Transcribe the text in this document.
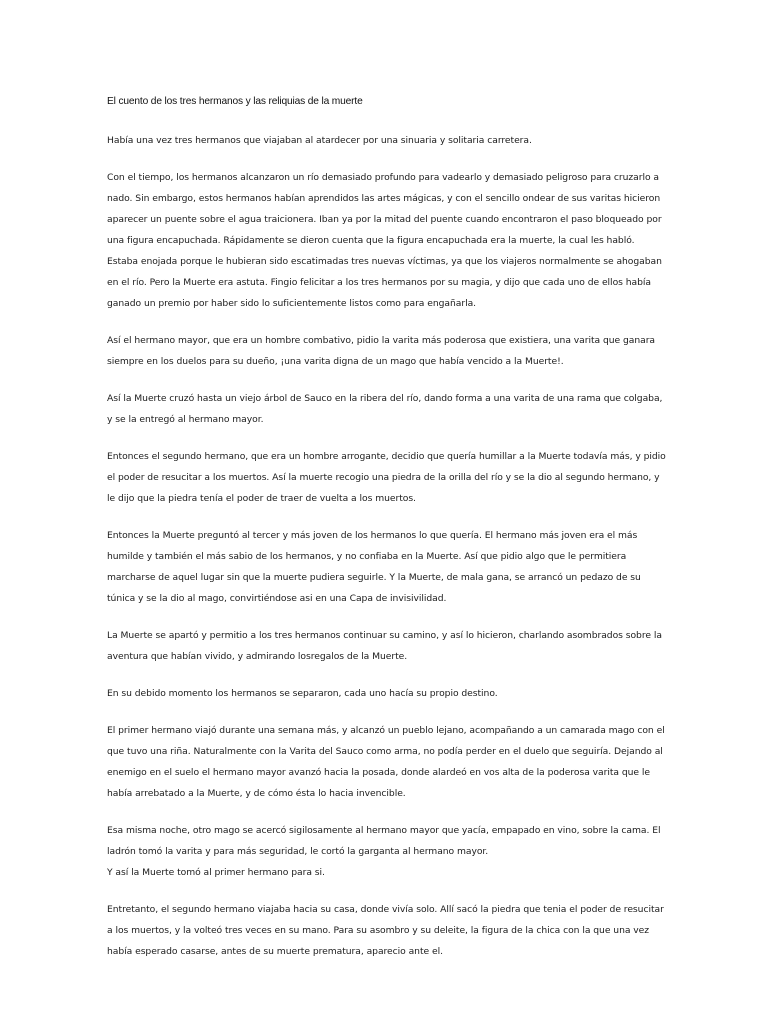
El cuento de los tres hermanos y las reliquias de la muerte

Había una vez tres hermanos que viajaban al atardecer por una sinuaria y solitaria carretera.

Con el tiempo, los hermanos alcanzaron un río demasiado profundo para vadearlo y demasiado peligroso para cruzarlo a nado. Sin embargo, estos hermanos habían aprendidos las artes mágicas, y con el sencillo ondear de sus varitas hicieron aparecer un puente sobre el agua traicionera. Iban ya por la mitad del puente cuando encontraron el paso bloqueado por una figura encapuchada. Rápidamente se dieron cuenta que la figura encapuchada era la muerte, la cual les habló. Estaba enojada porque le hubieran sido escatimadas tres nuevas víctimas, ya que los viajeros normalmente se ahogaban en el río. Pero la Muerte era astuta. Fingio felicitar a los tres hermanos por su magia, y dijo que cada uno de ellos había ganado un premio por haber sido lo suficientemente listos como para engañarla.

Así el hermano mayor, que era un hombre combativo, pidio la varita más poderosa que existiera, una varita que ganara siempre en los duelos para su dueño, ¡una varita digna de un mago que había vencido a la Muerte!.

Así la Muerte cruzó hasta un viejo árbol de Sauco en la ribera del río, dando forma a una varita de una rama que colgaba, y se la entregó al hermano mayor.

Entonces el segundo hermano, que era un hombre arrogante, decidio que quería humillar a la Muerte todavía más, y pidio el poder de resucitar a los muertos. Así la muerte recogio una piedra de la orilla del río y se la dio al segundo hermano, y le dijo que la piedra tenía el poder de traer de vuelta a los muertos.

Entonces la Muerte preguntó al tercer y más joven de los hermanos lo que quería. El hermano más joven era el más humilde y también el más sabio de los hermanos, y no confiaba en la Muerte. Así que pidio algo que le permitiera marcharse de aquel lugar sin que la muerte pudiera seguirle. Y la Muerte, de mala gana, se arrancó un pedazo de su túnica y se la dio al mago, convirtiéndose asi en una Capa de invisivilidad.

La Muerte se apartó y permitio a los tres hermanos continuar su camino, y así lo hicieron, charlando asombrados sobre la aventura que habían vivido, y admirando losregalos de la Muerte.

En su debido momento los hermanos se separaron, cada uno hacía su propio destino.

El primer hermano viajó durante una semana más, y alcanzó un pueblo lejano, acompañando a un camarada mago con el que tuvo una riña. Naturalmente con la Varita del Sauco como arma, no podía perder en el duelo que seguiría. Dejando al enemigo en el suelo el hermano mayor avanzó hacia la posada, donde alardeó en vos alta de la poderosa varita que le había arrebatado a la Muerte, y de cómo ésta lo hacia invencible.

Esa misma noche, otro mago se acercó sigilosamente al hermano mayor que yacía, empapado en vino, sobre la cama. El ladrón tomó la varita y para más seguridad, le cortó la garganta al hermano mayor.
Y así la Muerte tomó al primer hermano para si.

Entretanto, el segundo hermano viajaba hacia su casa, donde vivía solo. Allí sacó la piedra que tenia el poder de resucitar a los muertos, y la volteó tres veces en su mano. Para su asombro y su deleite, la figura de la chica con la que una vez había esperado casarse, antes de su muerte prematura, aparecio ante el.
